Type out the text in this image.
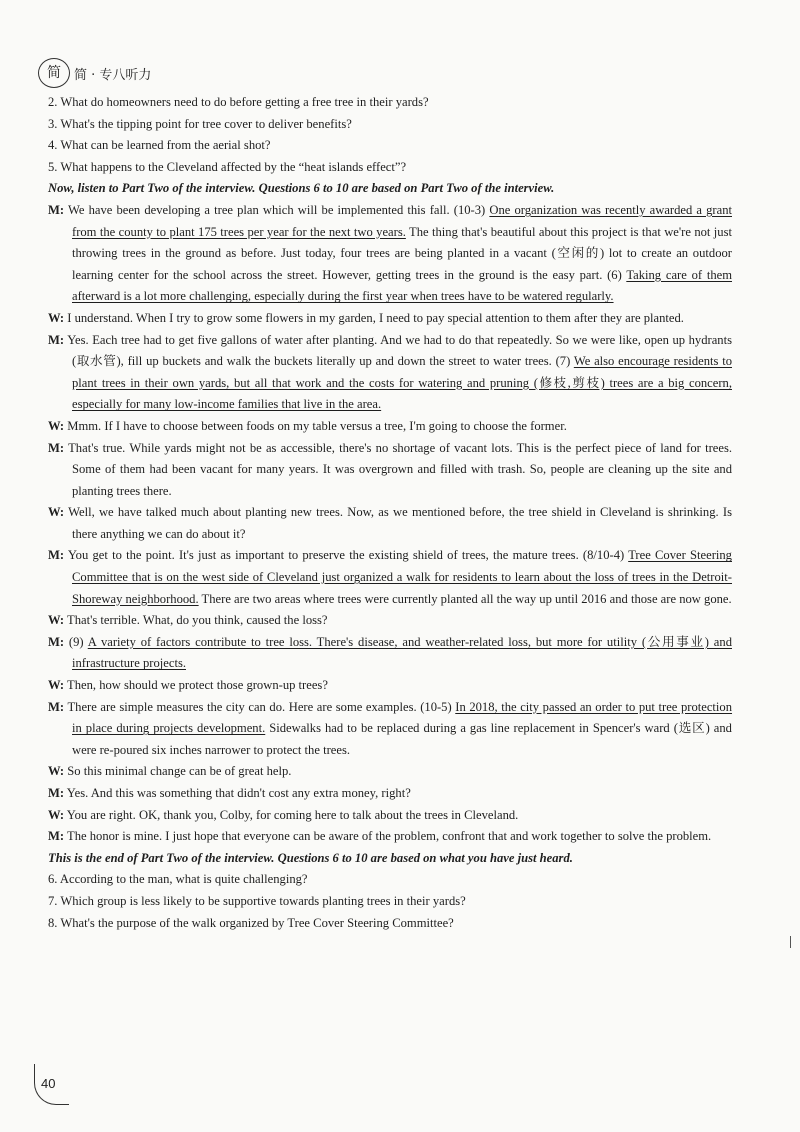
简	简 · 专八听力

2. What do homeowners need to do before getting a free tree in their yards?

3. What's the tipping point for tree cover to deliver benefits?

4. What can be learned from the aerial shot?

5. What happens to the Cleveland affected by the “heat islands effect”?

Now, listen to Part Two of the interview. Questions 6 to 10 are based on Part Two of the interview.

M: We have been developing a tree plan which will be implemented this fall. (10-3) One organization was recently awarded a grant from the county to plant 175 trees per year for the next two years. The thing that's beautiful about this project is that we're not just throwing trees in the ground as before. Just today, four trees are being planted in a vacant (空闲的) lot to create an outdoor learning center for the school across the street. However, getting trees in the ground is the easy part. (6) Taking care of them afterward is a lot more challenging, especially during the first year when trees have to be watered regularly.

W: I understand. When I try to grow some flowers in my garden, I need to pay special attention to them after they are planted.

M: Yes. Each tree had to get five gallons of water after planting. And we had to do that repeatedly. So we were like, open up hydrants (取水管), fill up buckets and walk the buckets literally up and down the street to water trees. (7) We also encourage residents to plant trees in their own yards, but all that work and the costs for watering and pruning (修枝,剪枝) trees are a big concern, especially for many low-income families that live in the area.

W: Mmm. If I have to choose between foods on my table versus a tree, I'm going to choose the former.

M: That's true. While yards might not be as accessible, there's no shortage of vacant lots. This is the perfect piece of land for trees. Some of them had been vacant for many years. It was overgrown and filled with trash. So, people are cleaning up the site and planting trees there.

W: Well, we have talked much about planting new trees. Now, as we mentioned before, the tree shield in Cleveland is shrinking. Is there anything we can do about it?

M: You get to the point. It's just as important to preserve the existing shield of trees, the mature trees. (8/10-4) Tree Cover Steering Committee that is on the west side of Cleveland just organized a walk for residents to learn about the loss of trees in the Detroit-Shoreway neighborhood. There are two areas where trees were currently planted all the way up until 2016 and those are now gone.

W: That's terrible. What, do you think, caused the loss?

M: (9) A variety of factors contribute to tree loss. There's disease, and weather-related loss, but more for utility (公用事业) and infrastructure projects.

W: Then, how should we protect those grown-up trees?

M: There are simple measures the city can do. Here are some examples. (10-5) In 2018, the city passed an order to put tree protection in place during projects development. Sidewalks had to be replaced during a gas line replacement in Spencer's ward (选区) and were re-poured six inches narrower to protect the trees.

W: So this minimal change can be of great help.

M: Yes. And this was something that didn't cost any extra money, right?

W: You are right. OK, thank you, Colby, for coming here to talk about the trees in Cleveland.

M: The honor is mine. I just hope that everyone can be aware of the problem, confront that and work together to solve the problem.

This is the end of Part Two of the interview. Questions 6 to 10 are based on what you have just heard.

6. According to the man, what is quite challenging?

7. Which group is less likely to be supportive towards planting trees in their yards?

8. What's the purpose of the walk organized by Tree Cover Steering Committee?

40
